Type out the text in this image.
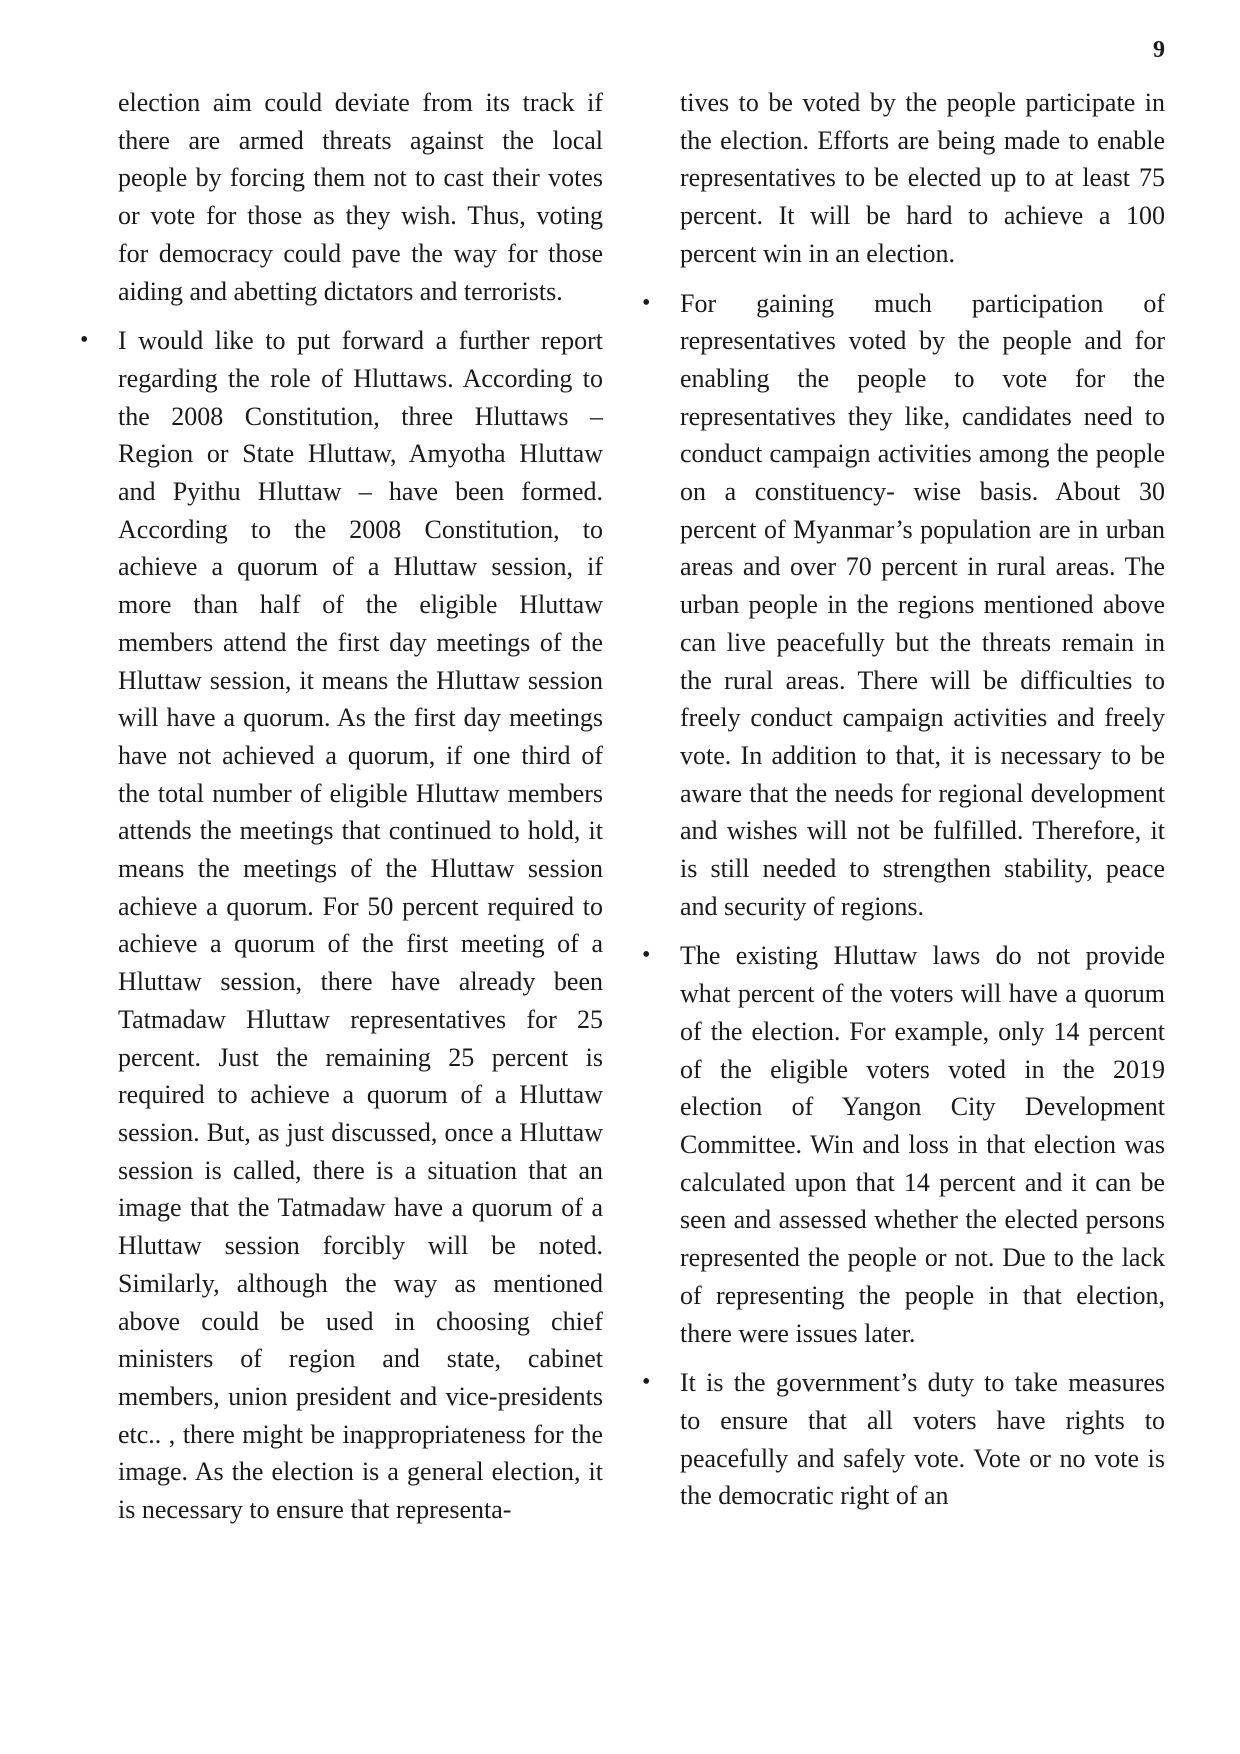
9

election aim could deviate from its track if there are armed threats against the local people by forcing them not to cast their votes or vote for those as they wish. Thus, voting for democracy could pave the way for those aiding and abetting dictators and terrorists.

• I would like to put forward a further report regarding the role of Hluttaws. According to the 2008 Constitution, three Hluttaws – Region or State Hluttaw, Amyotha Hluttaw and Pyithu Hluttaw – have been formed. According to the 2008 Constitution, to achieve a quorum of a Hluttaw session, if more than half of the eligible Hluttaw members attend the first day meetings of the Hluttaw session, it means the Hluttaw session will have a quorum. As the first day meetings have not achieved a quorum, if one third of the total number of eligible Hluttaw members attends the meetings that continued to hold, it means the meetings of the Hluttaw session achieve a quorum. For 50 percent required to achieve a quorum of the first meeting of a Hluttaw session, there have already been Tatmadaw Hluttaw representatives for 25 percent. Just the remaining 25 percent is required to achieve a quorum of a Hluttaw session. But, as just discussed, once a Hluttaw session is called, there is a situation that an image that the Tatmadaw have a quorum of a Hluttaw session forcibly will be noted. Similarly, although the way as mentioned above could be used in choosing chief ministers of region and state, cabinet members, union president and vice-presidents etc.. , there might be inappropriateness for the image. As the election is a general election, it is necessary to ensure that representa-

tives to be voted by the people participate in the election. Efforts are being made to enable representatives to be elected up to at least 75 percent. It will be hard to achieve a 100 percent win in an election.

• For gaining much participation of representatives voted by the people and for enabling the people to vote for the representatives they like, candidates need to conduct campaign activities among the people on a constituency- wise basis. About 30 percent of Myanmar’s population are in urban areas and over 70 percent in rural areas. The urban people in the regions mentioned above can live peacefully but the threats remain in the rural areas. There will be difficulties to freely conduct campaign activities and freely vote. In addition to that, it is necessary to be aware that the needs for regional development and wishes will not be fulfilled. Therefore, it is still needed to strengthen stability, peace and security of regions.

• The existing Hluttaw laws do not provide what percent of the voters will have a quorum of the election. For example, only 14 percent of the eligible voters voted in the 2019 election of Yangon City Development Committee. Win and loss in that election was calculated upon that 14 percent and it can be seen and assessed whether the elected persons represented the people or not. Due to the lack of representing the people in that election, there were issues later.

• It is the government’s duty to take measures to ensure that all voters have rights to peacefully and safely vote. Vote or no vote is the democratic right of an
